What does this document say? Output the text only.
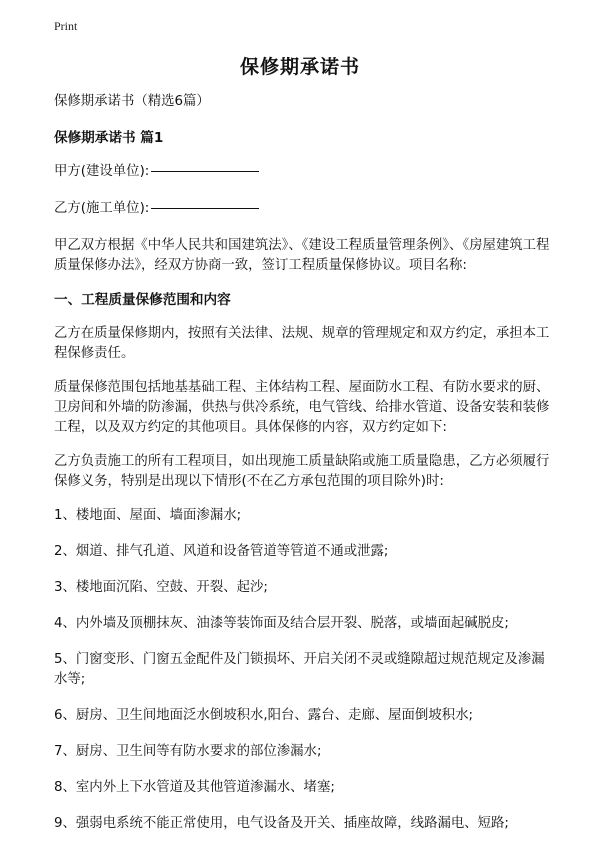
Print
保修期承诺书

保修期承诺书（精选6篇）

保修期承诺书 篇1

甲方(建设单位):

乙方(施工单位):

甲乙双方根据《中华人民共和国建筑法》、《建设工程质量管理条例》、《房屋建筑工程质量保修办法》，经双方协商一致，签订工程质量保修协议。项目名称:

一、工程质量保修范围和内容

乙方在质量保修期内，按照有关法律、法规、规章的管理规定和双方约定，承担本工程保修责任。

质量保修范围包括地基基础工程、主体结构工程、屋面防水工程、有防水要求的厨、卫房间和外墙的防渗漏，供热与供冷系统，电气管线、给排水管道、设备安装和装修工程，以及双方约定的其他项目。具体保修的内容，双方约定如下:

乙方负责施工的所有工程项目，如出现施工质量缺陷或施工质量隐患，乙方必须履行保修义务，特别是出现以下情形(不在乙方承包范围的项目除外)时:

1、楼地面、屋面、墙面渗漏水;

2、烟道、排气孔道、风道和设备管道等管道不通或泄露;

3、楼地面沉陷、空鼓、开裂、起沙;

4、内外墙及顶棚抹灰、油漆等装饰面及结合层开裂、脱落，或墙面起碱脱皮;

5、门窗变形、门窗五金配件及门锁损坏、开启关闭不灵或缝隙超过规范规定及渗漏水等;

6、厨房、卫生间地面泛水倒坡积水,阳台、露台、走廊、屋面倒坡积水;

7、厨房、卫生间等有防水要求的部位渗漏水;

8、室内外上下水管道及其他管道渗漏水、堵塞;

9、强弱电系统不能正常使用，电气设备及开关、插座故障，线路漏电、短路;
